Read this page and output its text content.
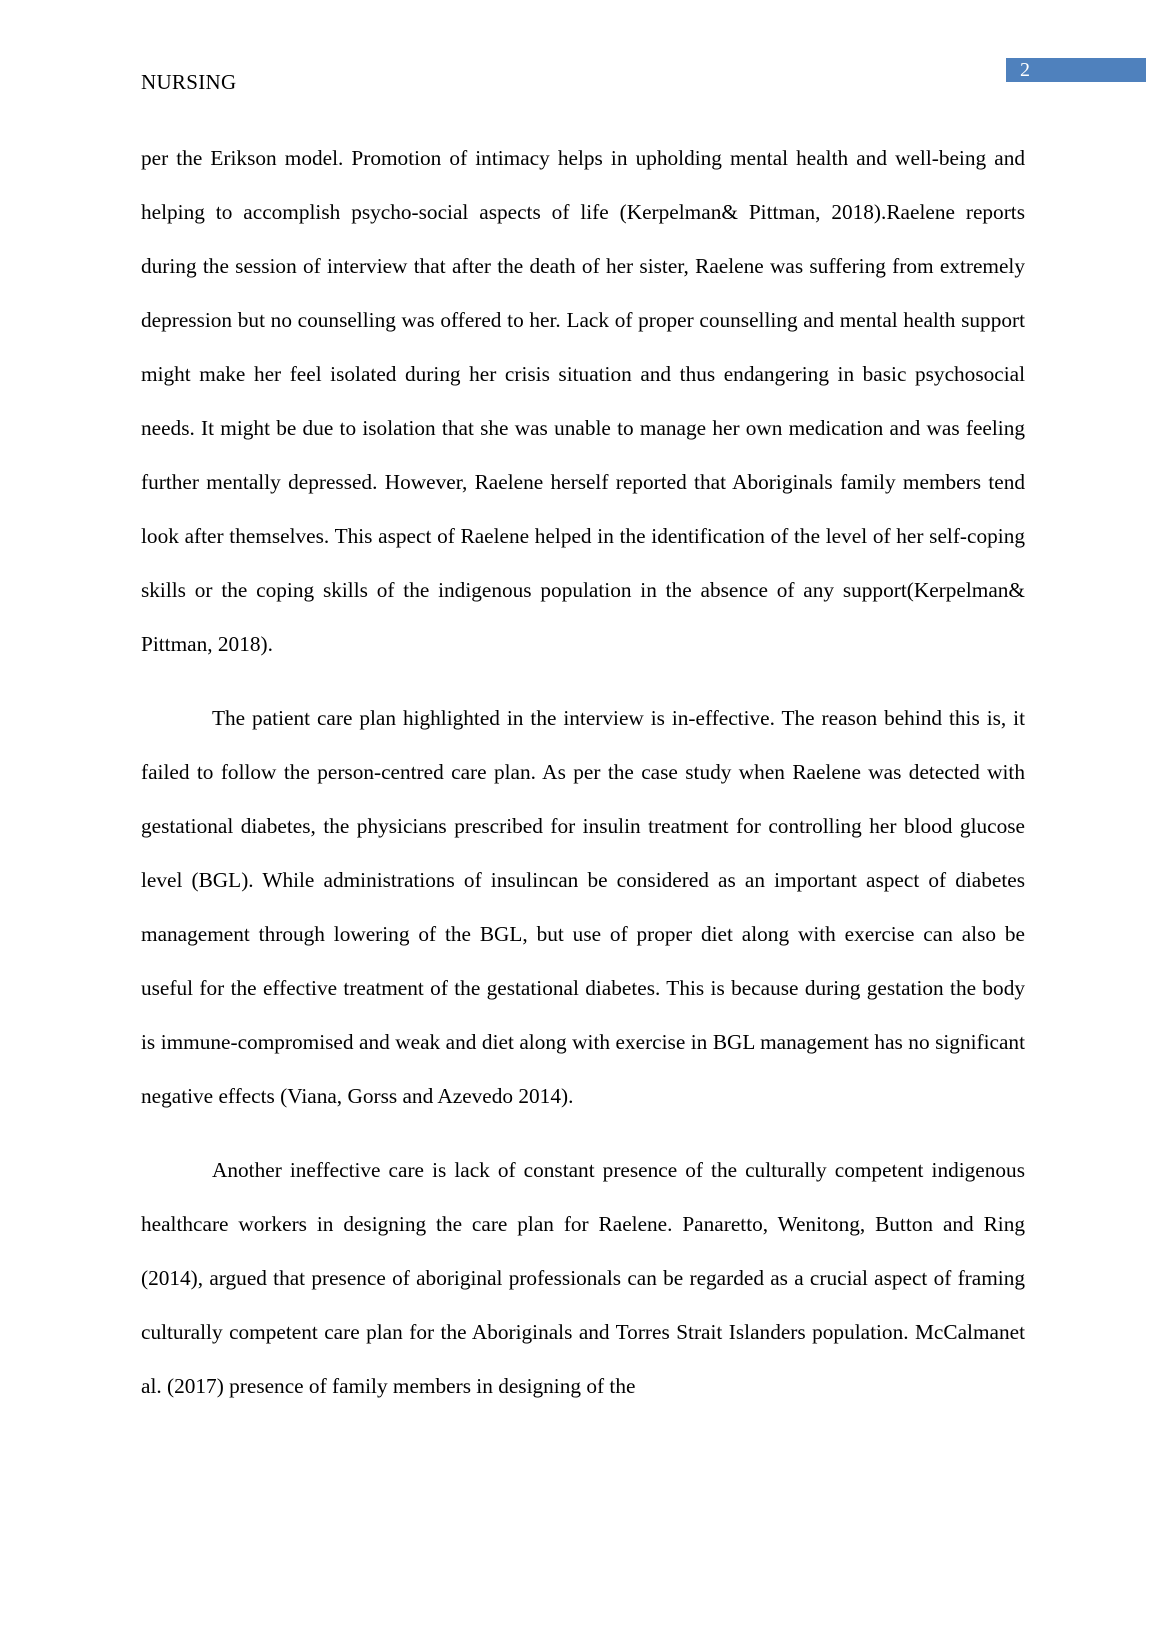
2
NURSING

per the Erikson model. Promotion of intimacy helps in upholding mental health and well-being and helping to accomplish psycho-social aspects of life (Kerpelman& Pittman, 2018).Raelene reports during the session of interview that after the death of her sister, Raelene was suffering from extremely depression but no counselling was offered to her. Lack of proper counselling and mental health support might make her feel isolated during her crisis situation and thus endangering in basic psychosocial needs. It might be due to isolation that she was unable to manage her own medication and was feeling further mentally depressed. However, Raelene herself reported that Aboriginals family members tend look after themselves. This aspect of Raelene helped in the identification of the level of her self-coping skills or the coping skills of the indigenous population in the absence of any support(Kerpelman& Pittman, 2018).

The patient care plan highlighted in the interview is in-effective. The reason behind this is, it failed to follow the person-centred care plan. As per the case study when Raelene was detected with gestational diabetes, the physicians prescribed for insulin treatment for controlling her blood glucose level (BGL). While administrations of insulincan be considered as an important aspect of diabetes management through lowering of the BGL, but use of proper diet along with exercise can also be useful for the effective treatment of the gestational diabetes. This is because during gestation the body is immune-compromised and weak and diet along with exercise in BGL management has no significant negative effects (Viana, Gorss and Azevedo 2014).

Another ineffective care is lack of constant presence of the culturally competent indigenous healthcare workers in designing the care plan for Raelene. Panaretto, Wenitong, Button and Ring (2014), argued that presence of aboriginal professionals can be regarded as a crucial aspect of framing culturally competent care plan for the Aboriginals and Torres Strait Islanders population. McCalmanet al. (2017) presence of family members in designing of the
